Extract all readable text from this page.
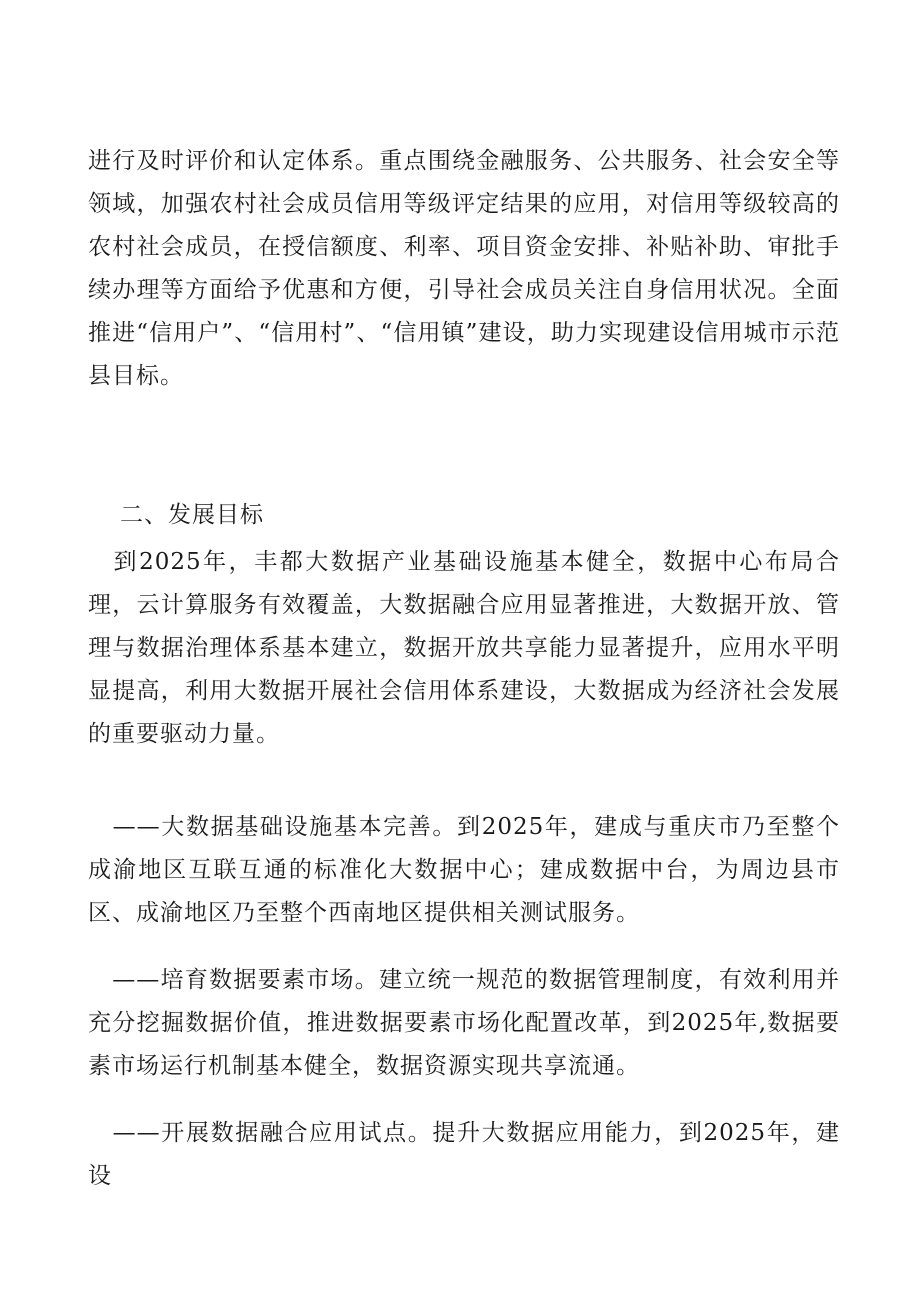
进行及时评价和认定体系。重点围绕金融服务、公共服务、社会安全等领域，加强农村社会成员信用等级评定结果的应用，对信用等级较高的农村社会成员，在授信额度、利率、项目资金安排、补贴补助、审批手续办理等方面给予优惠和方便，引导社会成员关注自身信用状况。全面推进“信用户”、“信用村”、“信用镇”建设，助力实现建设信用城市示范县目标。

二、发展目标

　到2025年，丰都大数据产业基础设施基本健全，数据中心布局合理，云计算服务有效覆盖，大数据融合应用显著推进，大数据开放、管理与数据治理体系基本建立，数据开放共享能力显著提升，应用水平明显提高，利用大数据开展社会信用体系建设，大数据成为经济社会发展的重要驱动力量。

　——大数据基础设施基本完善。到2025年，建成与重庆市乃至整个成渝地区互联互通的标准化大数据中心；建成数据中台，为周边县市区、成渝地区乃至整个西南地区提供相关测试服务。

　——培育数据要素市场。建立统一规范的数据管理制度，有效利用并充分挖掘数据价值，推进数据要素市场化配置改革，到2025年,数据要素市场运行机制基本健全，数据资源实现共享流通。

　——开展数据融合应用试点。提升大数据应用能力，到2025年，建设
